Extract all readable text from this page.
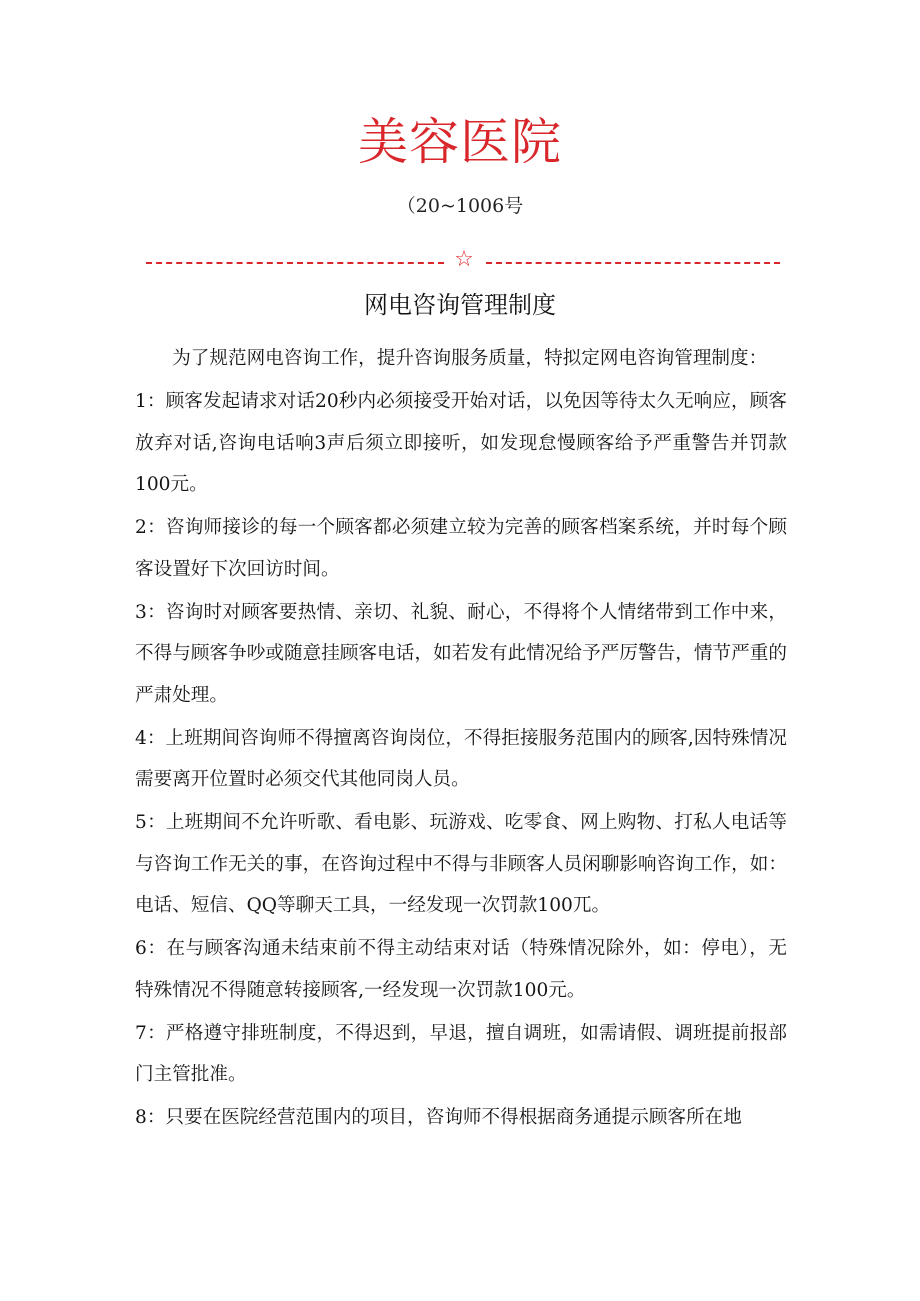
美容医院
（20~1006号
☆
网电咨询管理制度

为了规范网电咨询工作，提升咨询服务质量，特拟定网电咨询管理制度：

1：顾客发起请求对话20秒内必须接受开始对话，以免因等待太久无响应，顾客放弃对话,咨询电话响3声后须立即接听，如发现怠慢顾客给予严重警告并罚款100元。

2：咨询师接诊的每一个顾客都必须建立较为完善的顾客档案系统，并时每个顾客设置好下次回访时间。

3：咨询时对顾客要热情、亲切、礼貌、耐心，不得将个人情绪带到工作中来，不得与顾客争吵或随意挂顾客电话，如若发有此情况给予严厉警告，情节严重的严肃处理。

4：上班期间咨询师不得擅离咨询岗位，不得拒接服务范围内的顾客,因特殊情况需要离开位置时必须交代其他同岗人员。

5：上班期间不允许听歌、看电影、玩游戏、吃零食、网上购物、打私人电话等与咨询工作无关的事，在咨询过程中不得与非顾客人员闲聊影响咨询工作，如：电话、短信、QQ等聊天工具，一经发现一次罚款100兀。

6：在与顾客沟通未结束前不得主动结束对话（特殊情况除外，如：停电），无特殊情况不得随意转接顾客,一经发现一次罚款100元。

7：严格遵守排班制度，不得迟到，早退，擅自调班，如需请假、调班提前报部门主管批准。

8：只要在医院经营范围内的项目，咨询师不得根据商务通提示顾客所在地
